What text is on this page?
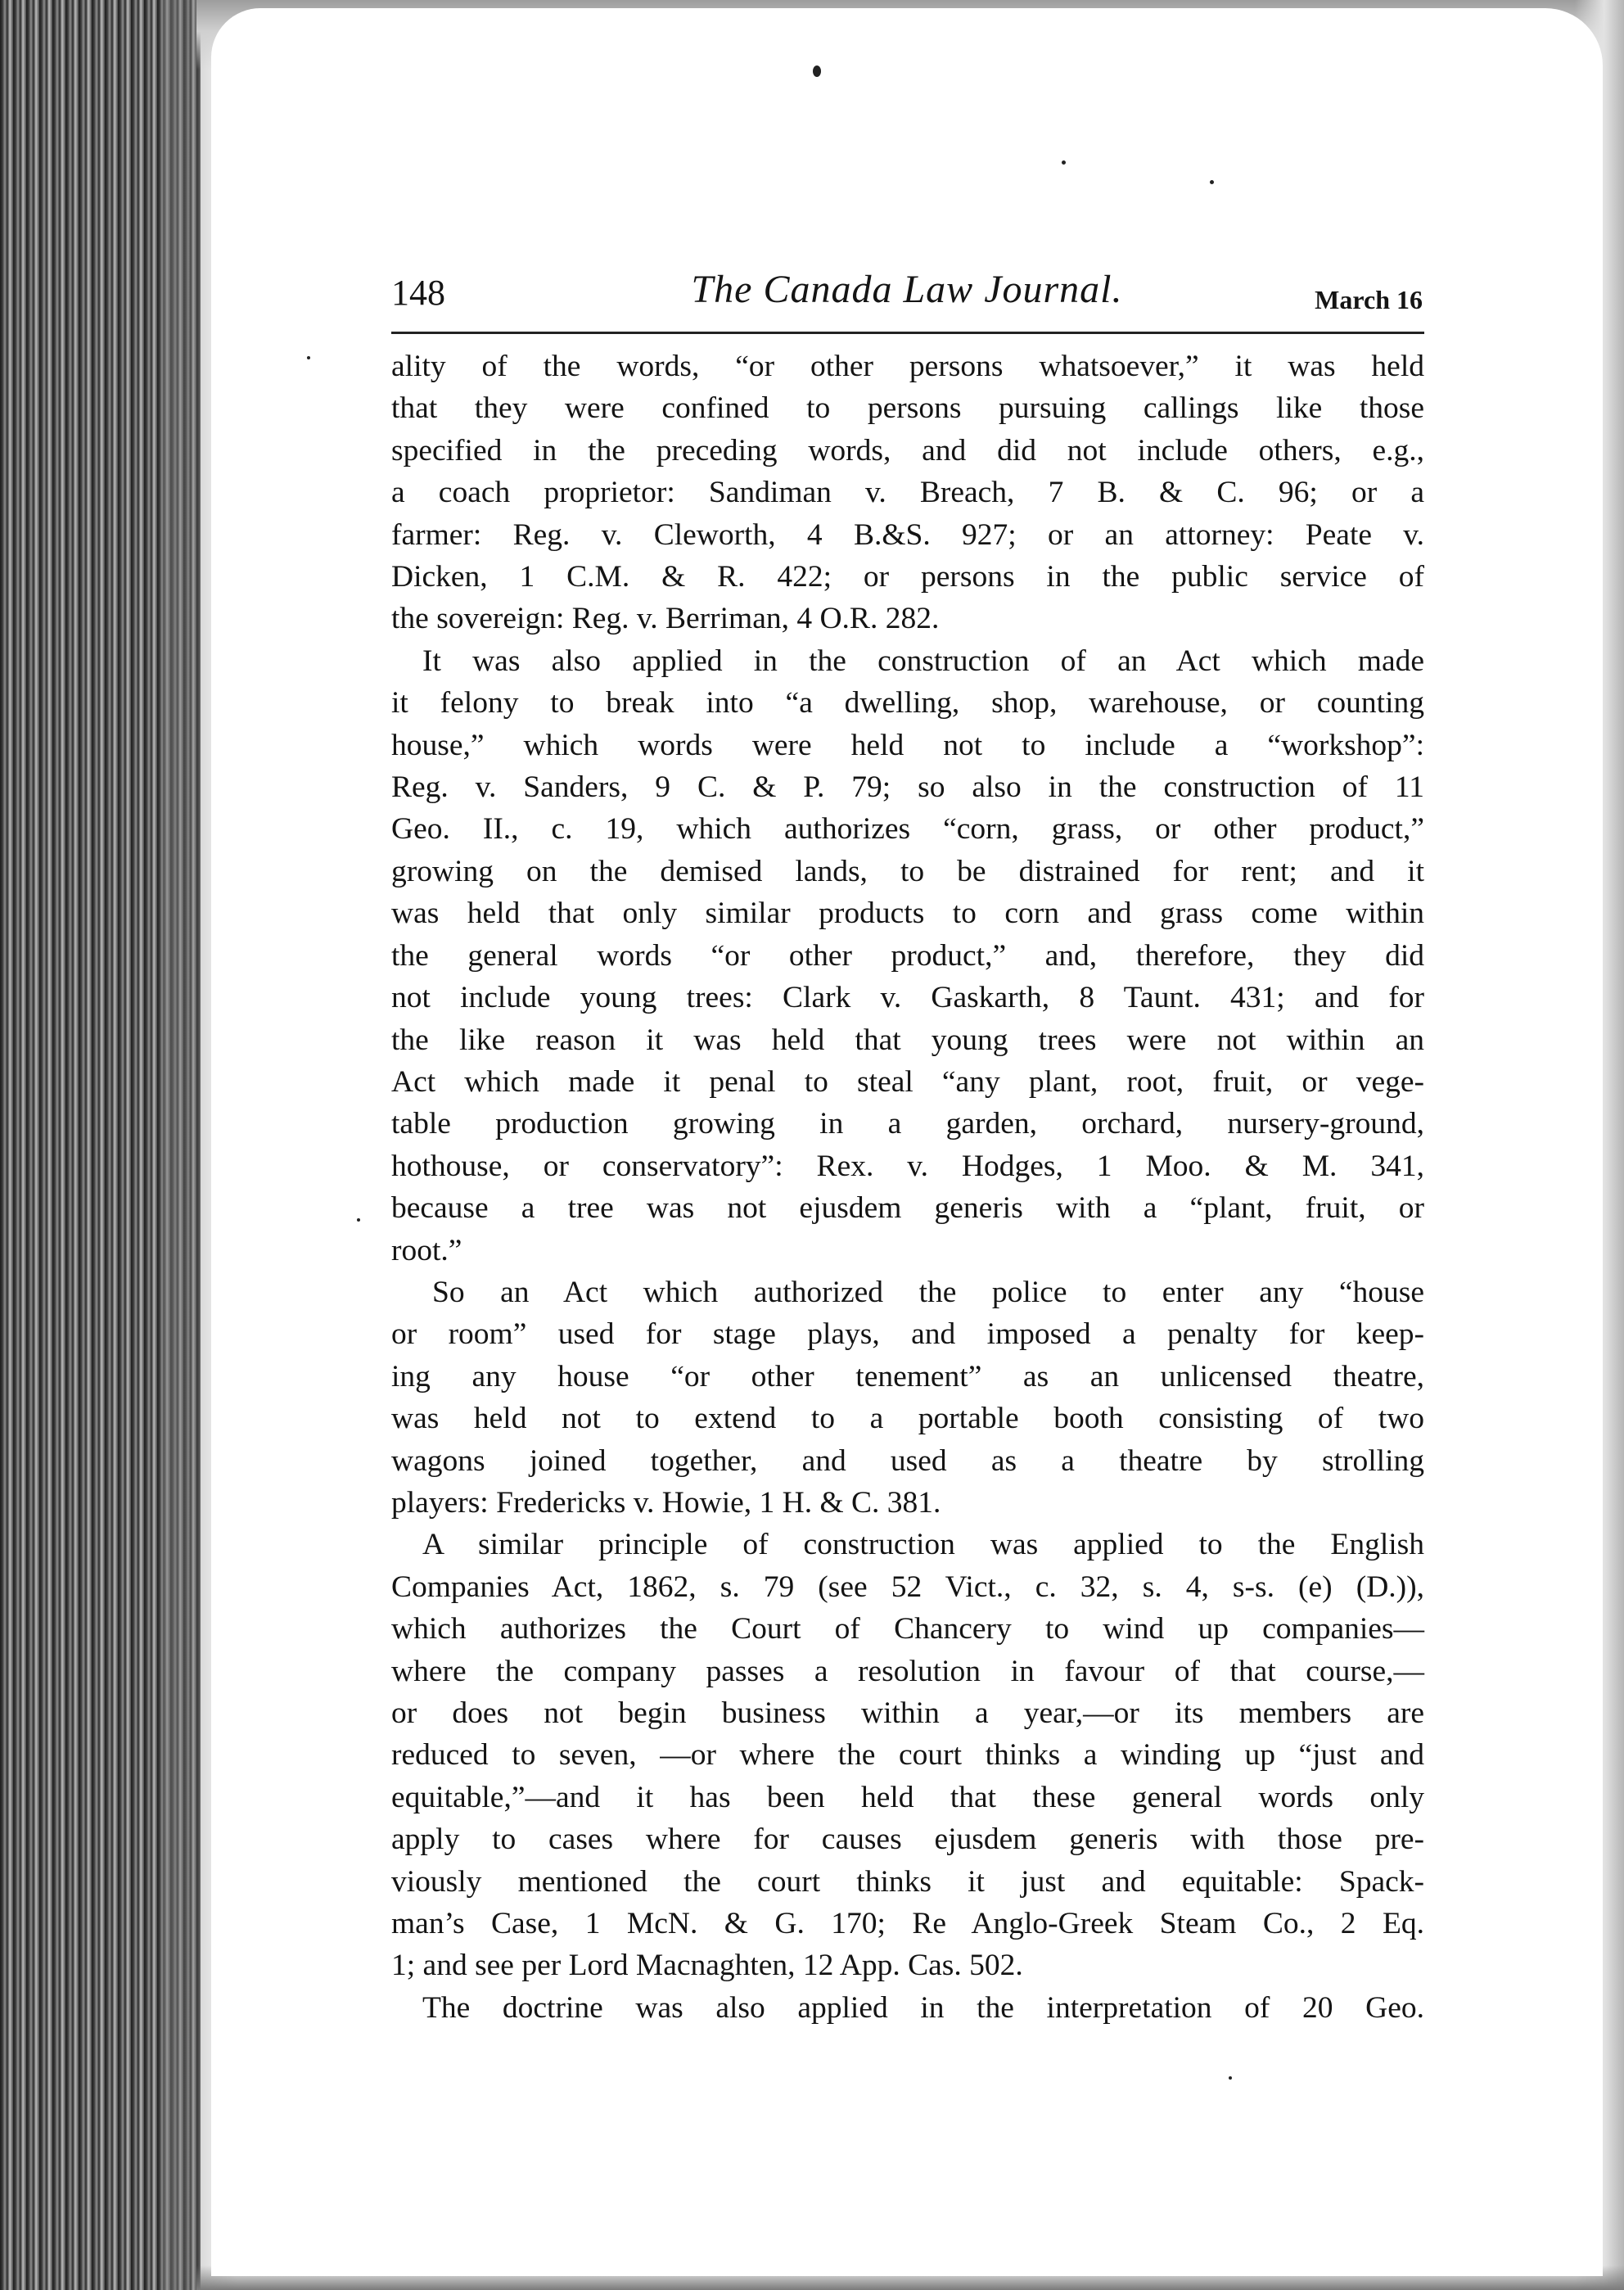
148	The Canada Law Journal.	March 16

ality of the words, “or other persons whatsoever,” it was held
that they were confined to persons pursuing callings like those
specified in the preceding words, and did not include others, e.g.,
a coach proprietor: Sandiman v. Breach, 7 B. & C. 96; or a
farmer: Reg. v. Cleworth, 4 B.&S. 927; or an attorney: Peate v.
Dicken, 1 C.M. & R. 422; or persons in the public service of
the sovereign: Reg. v. Berriman, 4 O.R. 282.

It was also applied in the construction of an Act which made

it felony to break into “a dwelling, shop, warehouse, or counting
house,” which words were held not to include a “workshop”:
Reg. v. Sanders, 9 C. & P. 79; so also in the construction of 11
Geo. II., c. 19, which authorizes “corn, grass, or other product,”
growing on the demised lands, to be distrained for rent; and it
was held that only similar products to corn and grass come within
the general words “or other product,” and, therefore, they did
not include young trees: Clark v. Gaskarth, 8 Taunt. 431; and for
the like reason it was held that young trees were not within an
Act which made it penal to steal “any plant, root, fruit, or vege-
table production growing in a garden, orchard, nursery-ground,
hothouse, or conservatory”: Rex. v. Hodges, 1 Moo. & M. 341,
because a tree was not ejusdem generis with a “plant, fruit, or
root.”

So an Act which authorized the police to enter any “house

or room” used for stage plays, and imposed a penalty for keep-
ing any house “or other tenement” as an unlicensed theatre,
was held not to extend to a portable booth consisting of two
wagons joined together, and used as a theatre by strolling
players: Fredericks v. Howie, 1 H. & C. 381.

A similar principle of construction was applied to the English

Companies Act, 1862, s. 79 (see 52 Vict., c. 32, s. 4, s-s. (e) (D.)),
which authorizes the Court of Chancery to wind up companies—
where the company passes a resolution in favour of that course,—
or does not begin business within a year,—or its members are
reduced to seven, —or where the court thinks a winding up “just and
equitable,”—and it has been held that these general words only
apply to cases where for causes ejusdem generis with those pre-
viously mentioned the court thinks it just and equitable: Spack-
man’s Case, 1 McN. & G. 170; Re Anglo-Greek Steam Co., 2 Eq.
1; and see per Lord Macnaghten, 12 App. Cas. 502.

The doctrine was also applied in the interpretation of 20 Geo.
